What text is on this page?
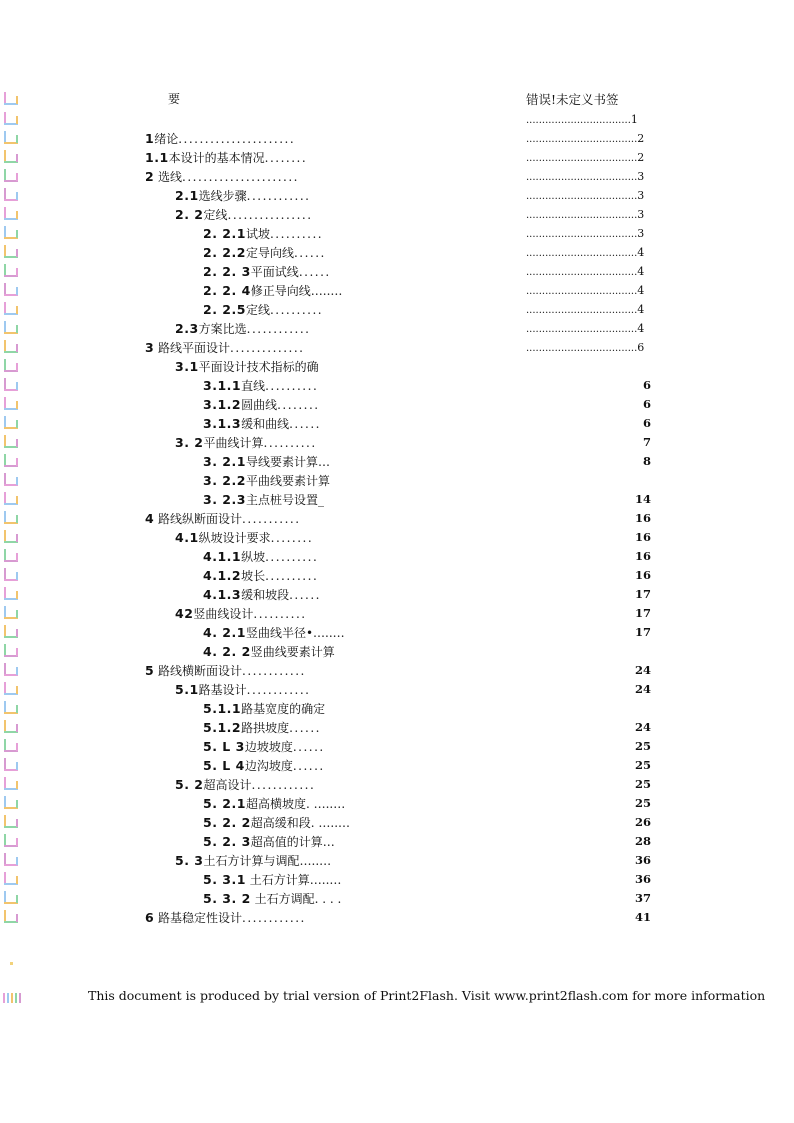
要	错误!未定义书签
.................................1
1绪论......................	...................................2
1.1本设计的基本情况........	...................................2
2 选线......................	...................................3
2.1选线步骤............	...................................3
2. 2定线................	...................................3
2. 2.1试坡..........	...................................3
2. 2.2定导向线......	...................................4
2. 2. 3平面试线......	...................................4
2. 2. 4修正导向线…..…	...................................4
2. 2.5定线..........	...................................4
2.3方案比选............	...................................4
3 路线平面设计..............	...................................6
3.1平面设计技术指标的确
3.1.1直线..........	6
3.1.2圆曲线........	6
3.1.3缓和曲线......	6
3. 2平曲线计算..........	7
3. 2.1导线要素计算…	8
3. 2.2平曲线要素计算
3. 2.3主点桩号设置_	14
4 路线纵断面设计...........	16
4.1纵坡设计要求........	16
4.1.1纵坡..........	16
4.1.2坡长..........	16
4.1.3缓和坡段......	17
42竖曲线设计..........	17
4. 2.1竖曲线半径•…..…	17
4. 2. 2竖曲线要素计算
5 路线横断面设计............	24
5.1路基设计............	24
5.1.1路基宽度的确定
5.1.2路拱坡度......	24
5. L 3边坡坡度......	25
5. L 4边沟坡度......	25
5. 2超高设计............	25
5. 2.1超高横坡度. …..…	25
5. 2. 2超高缓和段. …..…	26
5. 2. 3超高值的计算…	28
5. 3土石方计算与调配…..…	36
5. 3.1 土石方计算…..…	36
5. 3. 2 土石方调配. . . .	37
6 路基稳定性设计............	41
This document is produced by trial version of Print2Flash. Visit www.print2flash.com for more information
